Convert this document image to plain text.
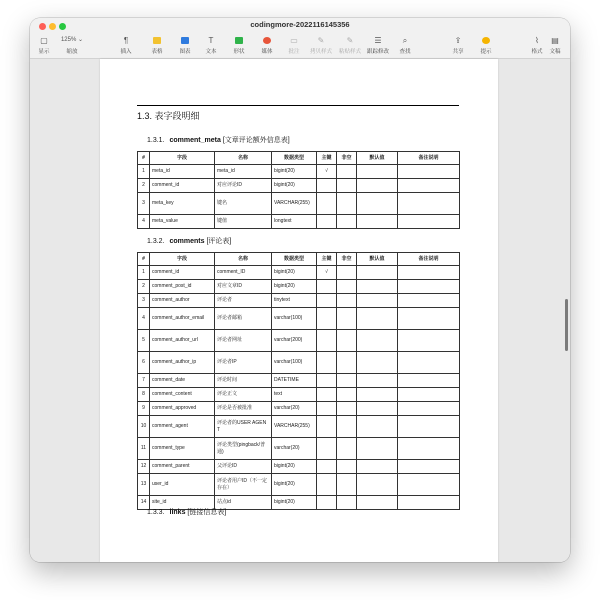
codingmore-2022116145356
▢
显示
125% ⌄
缩放
¶
插入	表格	图表
T
文本	形状	媒体
▭
批注
✎
拷贝样式
✎
粘贴样式
☰
跟踪修改
⌕
查找
⇪
共享	提示
⌇
格式
▤
文稿
1.3. 表字段明细
1.3.1. comment_meta [文章评论额外信息表]
#	字段	名称	数据类型	主键	非空	默认值	备注说明
1	meta_id	meta_id	bigint(20)	√			
2	comment_id	对应评论ID	bigint(20)				
3	meta_key	键名	VARCHAR(255)				
4	meta_value	键值	longtext				
1.3.2. comments [评论表]
#	字段	名称	数据类型	主键	非空	默认值	备注说明
1	comment_id	comment_ID	bigint(20)	√			
2	comment_post_id	对应文章ID	bigint(20)				
3	comment_author	评论者	tinytext				
4	comment_author_email	评论者邮箱	varchar(100)				
5	comment_author_url	评论者网址	varchar(200)				
6	comment_author_ip	评论者IP	varchar(100)				
7	comment_date	评论时间	DATETIME				
8	comment_content	评论正文	text				
9	comment_approved	评论是否被批准	varchar(20)				
10	comment_agent	评论者的USER AGENT	VARCHAR(255)				
11	comment_type	评论类型(pingback/普通)	varchar(20)				
12	comment_parent	父评论ID	bigint(20)				
13	user_id	评论者用户ID（不一定存在）	bigint(20)				
14	site_id	站点id	bigint(20)				
1.3.3. links [链接信息表]
